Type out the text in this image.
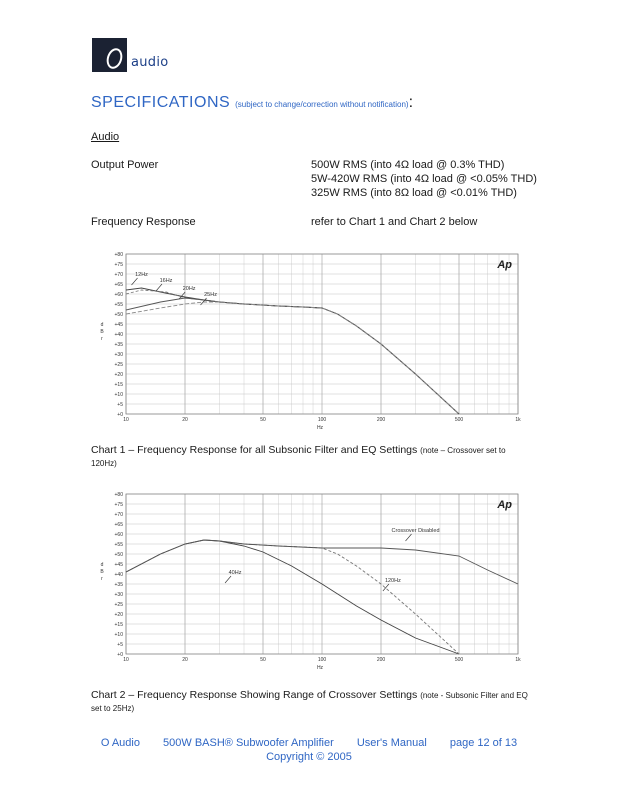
audio
SPECIFICATIONS (subject to change/correction without notification):
Audio
Output Power	500W RMS (into 4Ω load @ 0.3% THD)
5W-420W RMS (into 4Ω load @ <0.05% THD)
325W RMS (into 8Ω load @ <0.01% THD)
Frequency Response	refer to Chart 1 and Chart 2 below
+0
+5
+10
+15
+20
+25
+30
+35
+40
+45
+50
+55
+60
+65
+70
+75
+80
10	20	50	100	200	500	1k
Hz
d
B
r
Ap
12Hz
16Hz
20Hz
25Hz
Chart 1 – Frequency Response for all Subsonic Filter and EQ Settings (note – Crossover set to 120Hz)
+0
+5
+10
+15
+20
+25
+30
+35
+40
+45
+50
+55
+60
+65
+70
+75
+80
10	20	50	100	200	500	1k
Hz
d
B
r
Ap
Crossover Disabled
40Hz
120Hz
Chart 2 – Frequency Response Showing Range of Crossover Settings (note - Subsonic Filter and EQ set to 25Hz)
O Audio 500W BASH® Subwoofer Amplifier User's Manual page 12 of 13
Copyright © 2005
